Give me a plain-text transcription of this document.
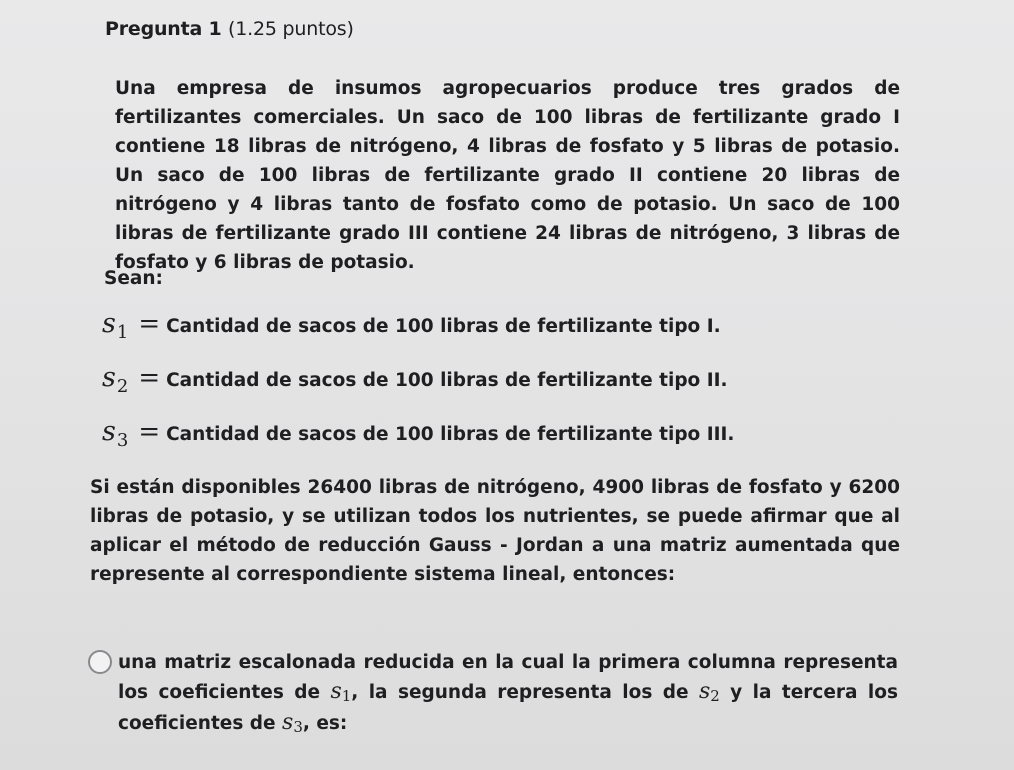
Pregunta 1 (1.25 puntos)
Una empresa de insumos agropecuarios produce tres grados de fertilizantes comerciales. Un saco de 100 libras de fertilizante grado I contiene 18 libras de nitrógeno, 4 libras de fosfato y 5 libras de potasio. Un saco de 100 libras de fertilizante grado II contiene 20 libras de nitrógeno y 4 libras tanto de fosfato como de potasio. Un saco de 100 libras de fertilizante grado III contiene 24 libras de nitrógeno, 3 libras de fosfato y 6 libras de potasio.
Sean:
$s_1$ = Cantidad de sacos de 100 libras de fertilizante tipo I.
$s_2$ = Cantidad de sacos de 100 libras de fertilizante tipo II.
$s_3$ = Cantidad de sacos de 100 libras de fertilizante tipo III.
Si están disponibles 26400 libras de nitrógeno, 4900 libras de fosfato y 6200 libras de potasio, y se utilizan todos los nutrientes, se puede afirmar que al aplicar el método de reducción Gauss - Jordan a una matriz aumentada que represente al correspondiente sistema lineal, entonces:
una matriz escalonada reducida en la cual la primera columna representa los coeficientes de $s_1$, la segunda representa los de $s_2$ y la tercera los coeficientes de $s_3$, es:
